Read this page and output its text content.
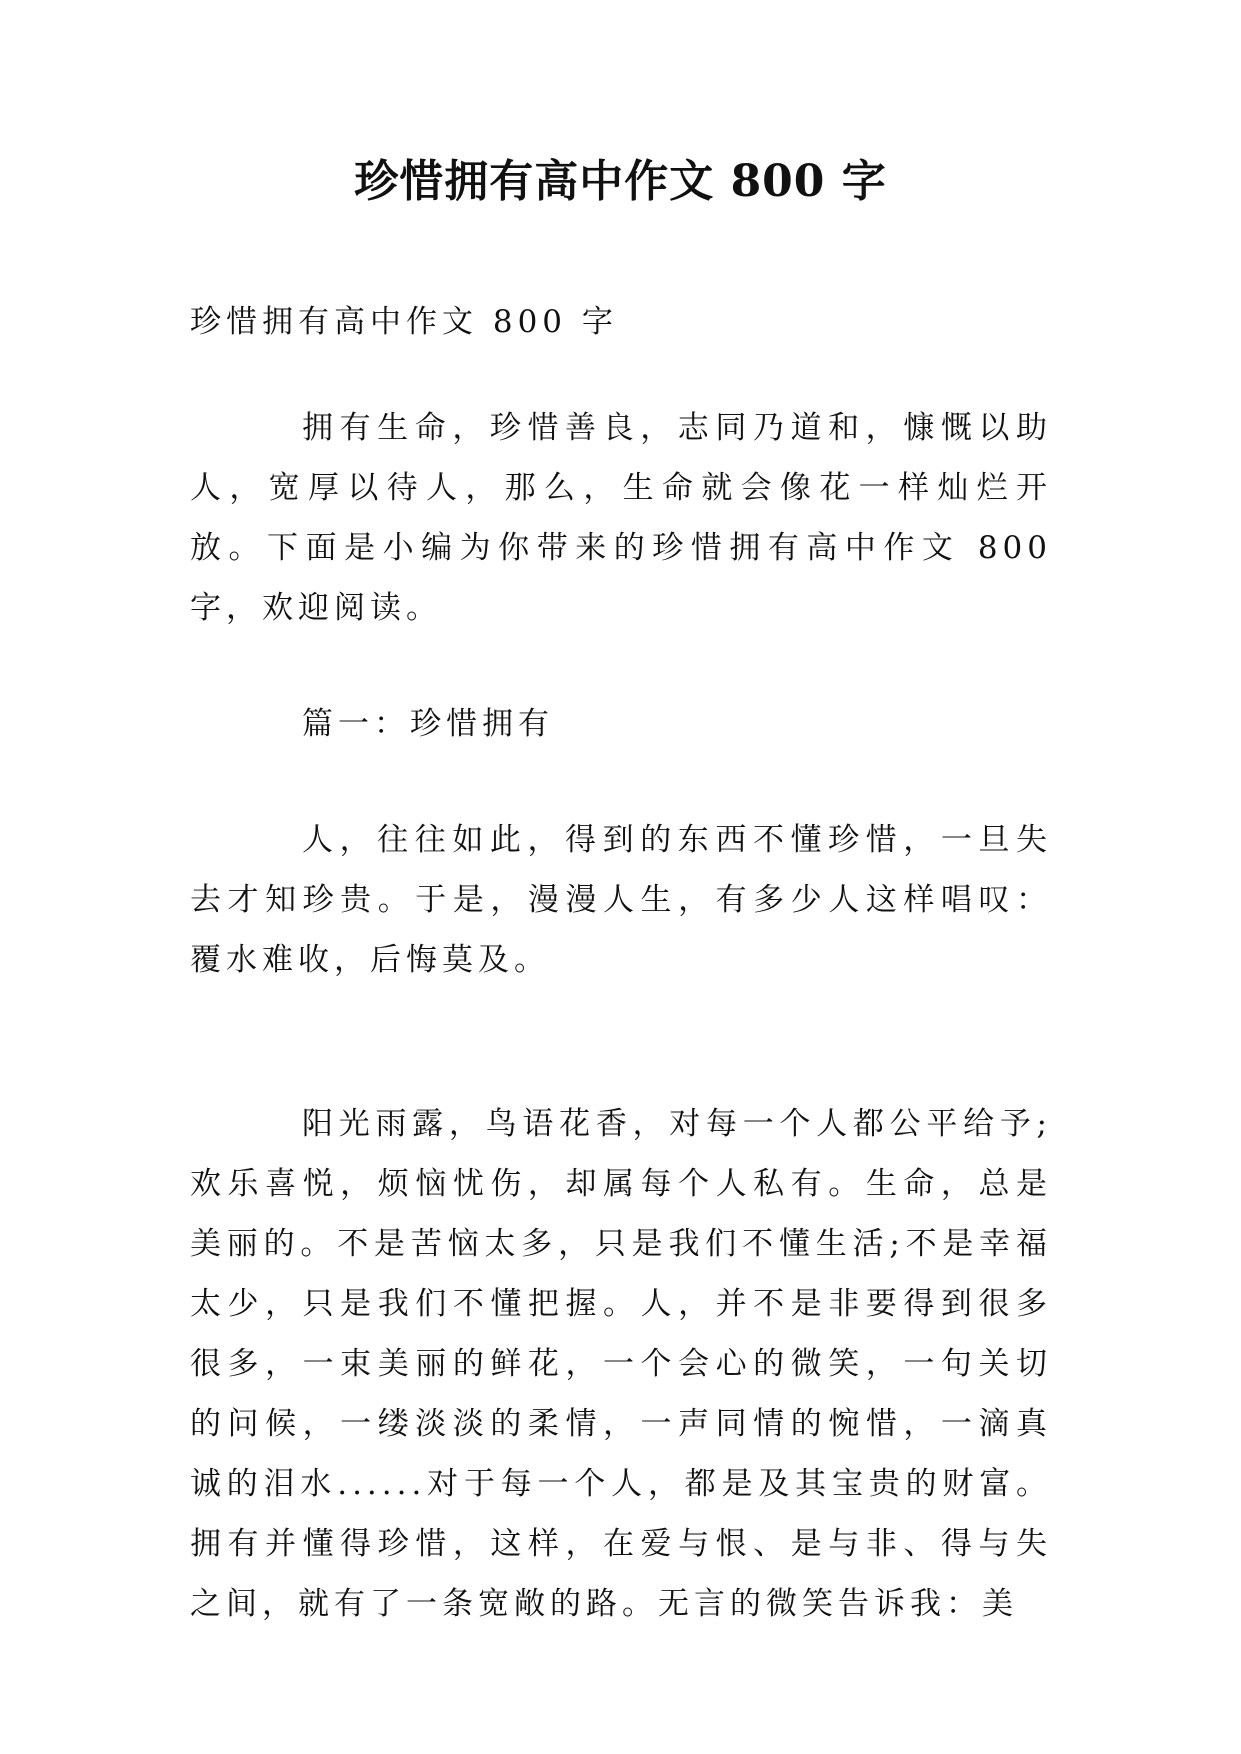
珍惜拥有高中作文 800 字

珍惜拥有高中作文 800 字

拥有生命，珍惜善良，志同乃道和，慷慨以助人，宽厚以待人，那么，生命就会像花一样灿烂开放。下面是小编为你带来的珍惜拥有高中作文 800 字，欢迎阅读。

篇一：珍惜拥有

人，往往如此，得到的东西不懂珍惜，一旦失去才知珍贵。于是，漫漫人生，有多少人这样唱叹：覆水难收，后悔莫及。

阳光雨露，鸟语花香，对每一个人都公平给予;欢乐喜悦，烦恼忧伤，却属每个人私有。生命，总是美丽的。不是苦恼太多，只是我们不懂生活;不是幸福太少，只是我们不懂把握。人，并不是非要得到很多很多，一束美丽的鲜花，一个会心的微笑，一句关切的问候，一缕淡淡的柔情，一声同情的惋惜，一滴真诚的泪水......对于每一个人，都是及其宝贵的财富。拥有并懂得珍惜，这样，在爱与恨、是与非、得与失之间，就有了一条宽敞的路。无言的微笑告诉我：美
